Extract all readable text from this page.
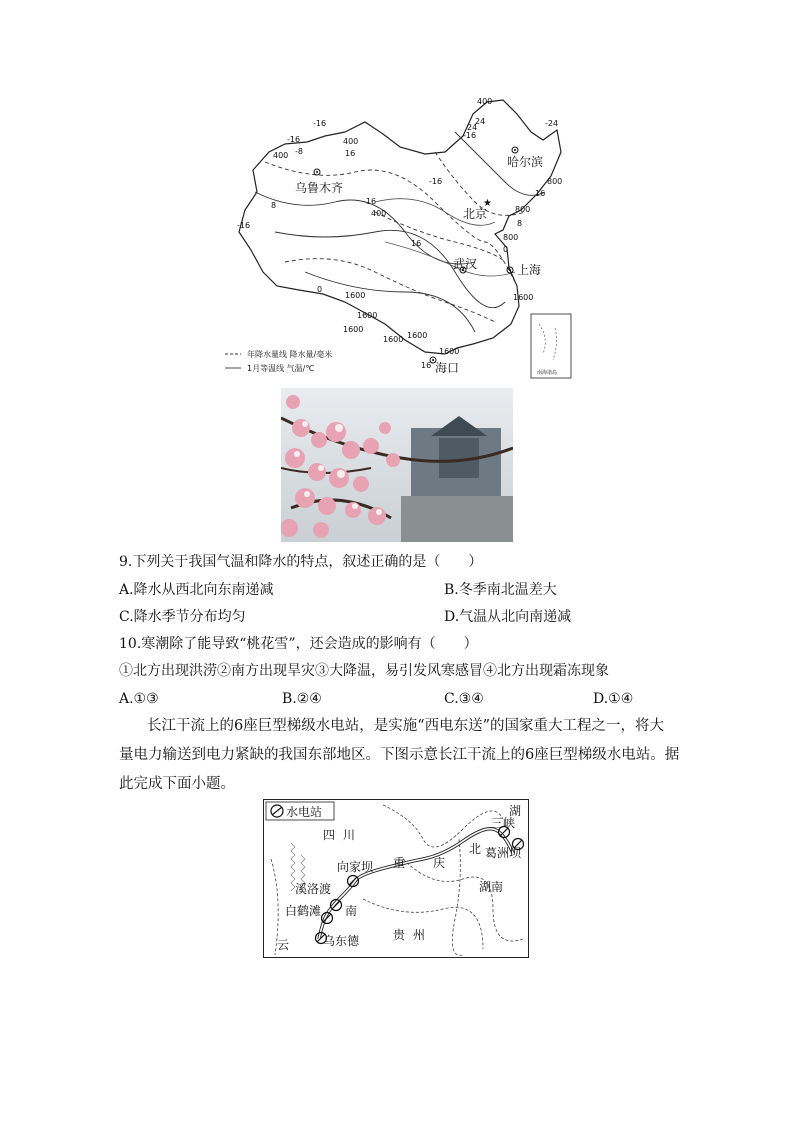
★
乌鲁木齐
哈尔滨
北京
武汉	上海
海口
-16
-16
400
400
16
-8
8
-16
-16
0
16
24
400
-24
-16	800
16
800
8
800
0
1600
1600
1600
1600 1600
1600
1600
16
24
-16
400
南海诸岛
年降水量线 降水量/毫米
1月等温线 气温/℃
9.下列关于我国气温和降水的特点，叙述正确的是（　　）
A.降水从西北向东南递减	B.冬季南北温差大
C.降水季节分布均匀	D.气温从北向南递减
10.寒潮除了能导致“桃花雪”，还会造成的影响有（　　）
①北方出现洪涝②南方出现旱灾③大降温，易引发风寒感冒④北方出现霜冻现象
A.①③	B.②④	C.③④	D.①④
长江干流上的6座巨型梯级水电站，是实施“西电东送”的国家重大工程之一，将大
量电力输送到电力紧缺的我国东部地区。下图示意长江干流上的6座巨型梯级水电站。据
此完成下面小题。
水电站
三峡
葛洲坝
向家坝
溪洛渡
白鹤滩
乌东德
四 川
重 庆
湖
北
湖南
贵 州
云
南
